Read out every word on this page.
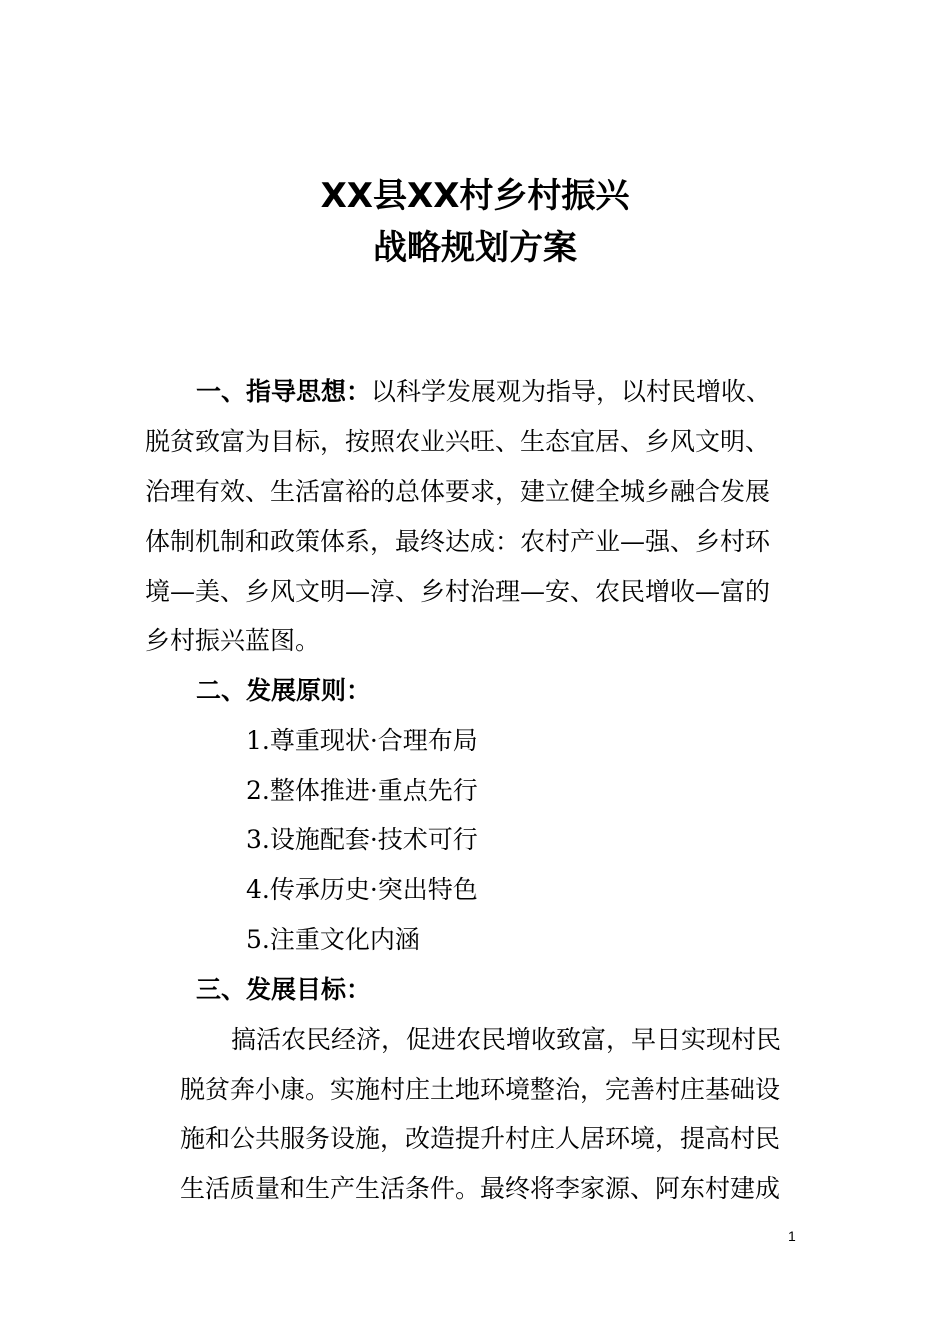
XX县XX村乡村振兴
战略规划方案
一、指导思想：以科学发展观为指导，以村民增收、
脱贫致富为目标，按照农业兴旺、生态宜居、乡风文明、
治理有效、生活富裕的总体要求，建立健全城乡融合发展
体制机制和政策体系，最终达成：农村产业—强、乡村环
境—美、乡风文明—淳、乡村治理—安、农民增收—富的
乡村振兴蓝图。
二、发展原则：
1.尊重现状·合理布局
2.整体推进·重点先行
3.设施配套·技术可行
4.传承历史·突出特色
5.注重文化内涵
三、发展目标：
搞活农民经济，促进农民增收致富，早日实现村民
脱贫奔小康。实施村庄土地环境整治，完善村庄基础设
施和公共服务设施，改造提升村庄人居环境，提高村民
生活质量和生产生活条件。最终将李家源、阿东村建成
1
